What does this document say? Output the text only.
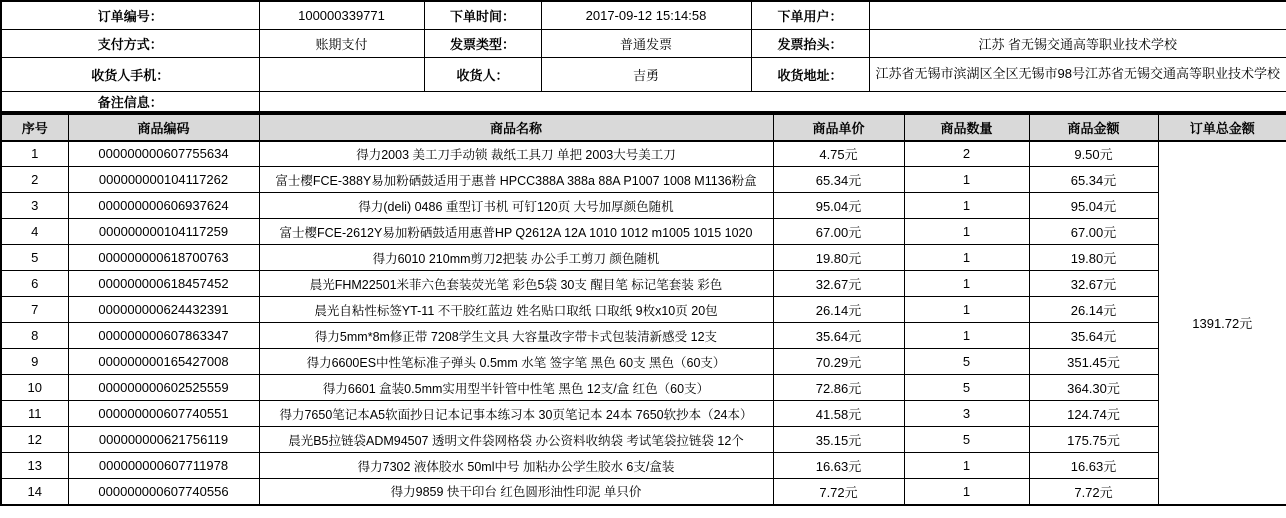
订单编号：	100000339771	下单时间：	2017-09-12 15:14:58	下单用户：	
支付方式：	账期支付	发票类型：	普通发票	发票抬头：	江苏 省无锡交通高等职业技术学校
收货人手机：		收货人：	吉勇	收货地址：	江苏省无锡市滨湖区全区无锡市98号江苏省无锡交通高等职业技术学校
备注信息：					
序号	商品编码	商品名称	商品单价	商品数量	商品金额	订单总金额
1	000000000607755634	得力2003 美工刀手动锁 裁纸工具刀 单把 2003大号美工刀	4.75元	2	9.50元	1391.72元
2	000000000104117262	富士樱FCE-388Y易加粉硒鼓适用于惠普 HPCC388A 388a 88A P1007 1008 M1136粉盒	65.34元	1	65.34元	
3	000000000606937624	得力(deli) 0486 重型订书机 可钉120页 大号加厚颜色随机	95.04元	1	95.04元	
4	000000000104117259	富士樱FCE-2612Y易加粉硒鼓适用惠普HP Q2612A 12A 1010 1012 m1005 1015 1020	67.00元	1	67.00元	
5	000000000618700763	得力6010 210mm剪刀2把装 办公手工剪刀 颜色随机	19.80元	1	19.80元	
6	000000000618457452	晨光FHM22501米菲六色套装荧光笔 彩色5袋 30支 醒目笔 标记笔套装 彩色	32.67元	1	32.67元	
7	000000000624432391	晨光自粘性标签YT-11 不干胶红蓝边 姓名贴口取纸 口取纸 9枚x10页 20包	26.14元	1	26.14元	
8	000000000607863347	得力5mm*8m修正带 7208学生文具 大容量改字带卡式包装清新感受 12支	35.64元	1	35.64元	
9	000000000165427008	得力6600ES中性笔标准子弹头 0.5mm 水笔 签字笔 黑色 60支 黑色（60支）	70.29元	5	351.45元	
10	000000000602525559	得力6601 盒装0.5mm实用型半针管中性笔 黑色 12支/盒 红色（60支）	72.86元	5	364.30元	
11	000000000607740551	得力7650笔记本A5软面抄日记本记事本练习本 30页笔记本 24本 7650软抄本（24本）	41.58元	3	124.74元	
12	000000000621756119	晨光B5拉链袋ADM94507 透明文件袋网格袋 办公资料收纳袋 考试笔袋拉链袋 12个	35.15元	5	175.75元	
13	000000000607711978	得力7302 液体胶水 50ml中号 加粘办公学生胶水 6支/盒装	16.63元	1	16.63元	
14	000000000607740556	得力9859 快干印台 红色圆形油性印泥 单只价	7.72元	1	7.72元	
